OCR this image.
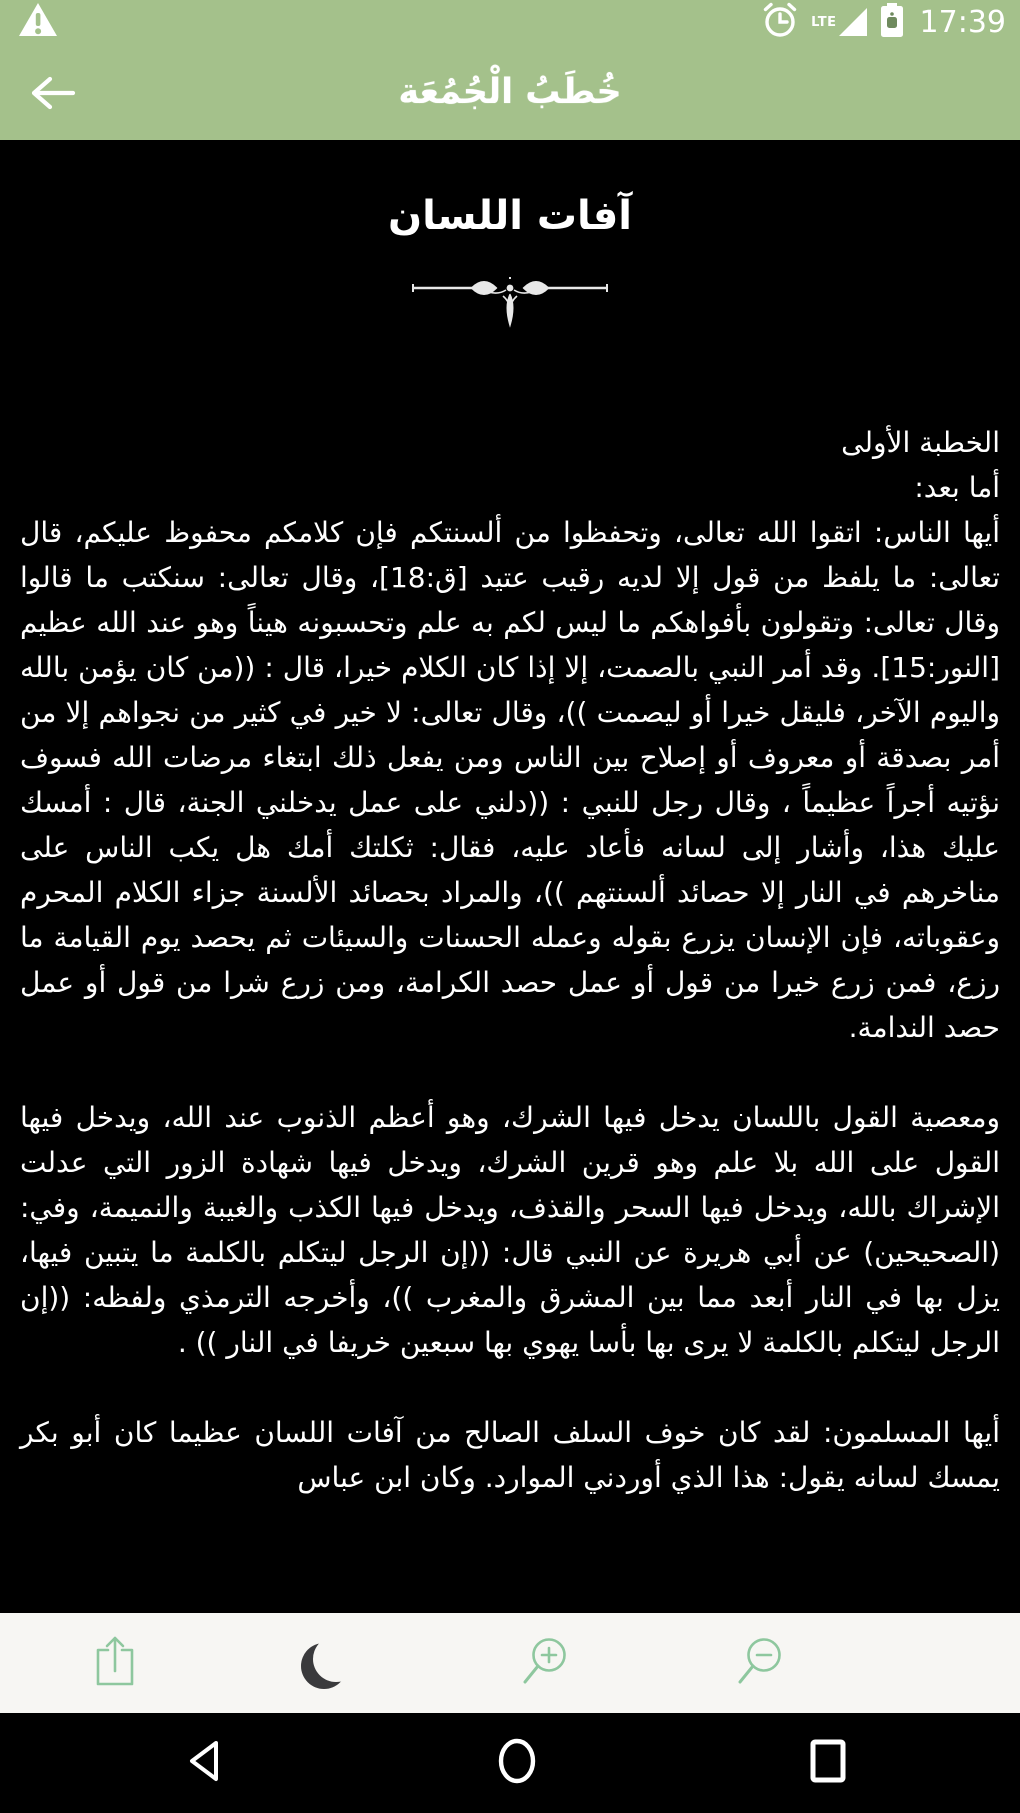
LTE	17:39
خُطَبُ الْجُمُعَة
آفات اللسان
الخطبة الأولى
أما بعد:

أيها الناس: اتقوا الله تعالى، وتحفظوا من ألسنتكم فإن كلامكم محفوظ عليكم، قال تعالى: ما يلفظ من قول إلا لديه رقيب عتيد [ق:18]، وقال تعالى: سنكتب ما قالوا وقال تعالى: وتقولون بأفواهكم ما ليس لكم به علم وتحسبونه هيناً وهو عند الله عظيم [النور:15]. وقد أمر النبي بالصمت، إلا إذا كان الكلام خيرا، قال : ((من كان يؤمن بالله واليوم الآخر، فليقل خيرا أو ليصمت ))، وقال تعالى: لا خير في كثير من نجواهم إلا من أمر بصدقة أو معروف أو إصلاح بين الناس ومن يفعل ذلك ابتغاء مرضات الله فسوف نؤتيه أجراً عظيماً ، وقال رجل للنبي : ((دلني على عمل يدخلني الجنة، قال : أمسك عليك هذا، وأشار إلى لسانه فأعاد عليه، فقال: ثكلتك أمك هل يكب الناس على مناخرهم في النار إلا حصائد ألسنتهم ))، والمراد بحصائد الألسنة جزاء الكلام المحرم وعقوباته، فإن الإنسان يزرع بقوله وعمله الحسنات والسيئات ثم يحصد يوم القيامة ما رزع، فمن زرع خيرا من قول أو عمل حصد الكرامة، ومن زرع شرا من قول أو عمل حصد الندامة.

ومعصية القول باللسان يدخل فيها الشرك، وهو أعظم الذنوب عند الله، ويدخل فيها القول على الله بلا علم وهو قرين الشرك، ويدخل فيها شهادة الزور التي عدلت الإشراك بالله، ويدخل فيها السحر والقذف، ويدخل فيها الكذب والغيبة والنميمة، وفي: (الصحيحين) عن أبي هريرة عن النبي قال: ((إن الرجل ليتكلم بالكلمة ما يتبين فيها، يزل بها في النار أبعد مما بين المشرق والمغرب ))، وأخرجه الترمذي ولفظه: ((إن الرجل ليتكلم بالكلمة لا يرى بها بأسا يهوي بها سبعين خريفا في النار )) .

أيها المسلمون: لقد كان خوف السلف الصالح من آفات اللسان عظيما كان أبو بكر يمسك لسانه يقول: هذا الذي أوردني الموارد. وكان ابن عباس
